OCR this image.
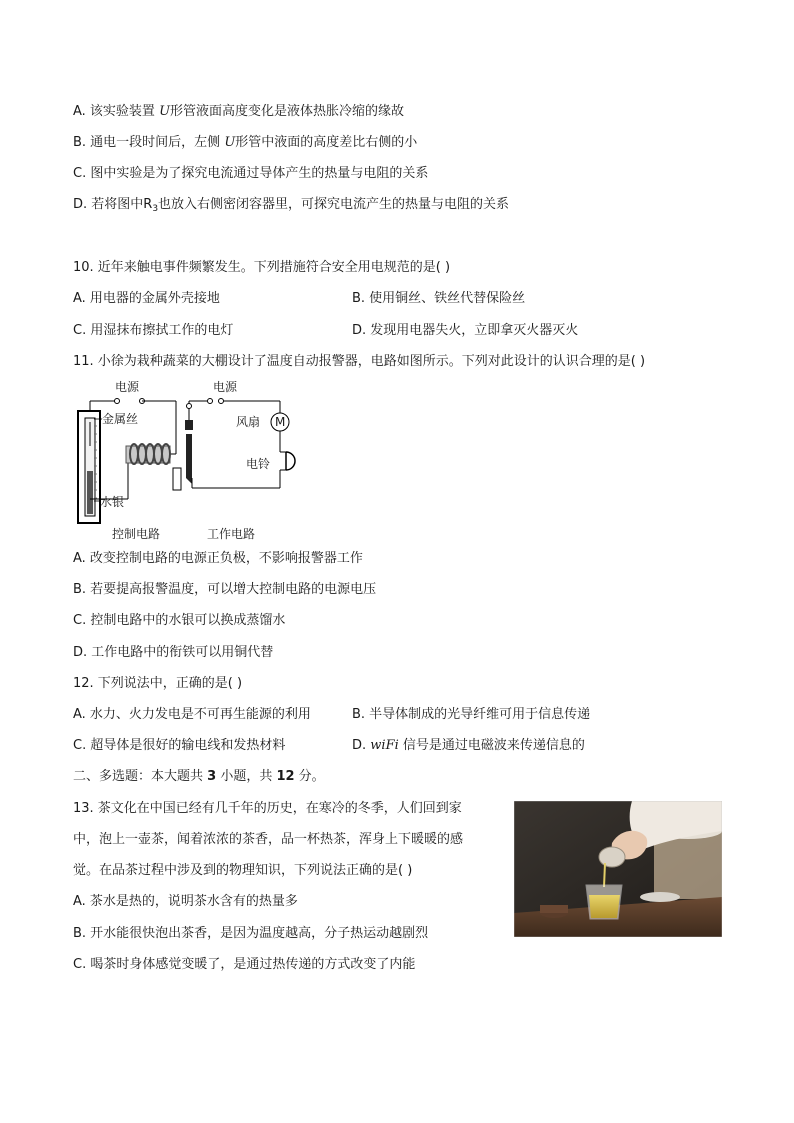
A. 该实验装置 U形管液面高度变化是液体热胀冷缩的缘故
B. 通电一段时间后，左侧 U形管中液面的高度差比右侧的小
C. 图中实验是为了探究电流通过导体产生的热量与电阻的关系
D. 若将图中$R_3$也放入右侧密闭容器里，可探究电流产生的热量与电阻的关系
10. 近年来触电事件频繁发生。下列措施符合安全用电规范的是( )
A. 用电器的金属外壳接地	B. 使用铜丝、铁丝代替保险丝
C. 用湿抹布擦拭工作的电灯	D. 发现用电器失火，立即拿灭火器灭火
11. 小徐为栽种蔬菜的大棚设计了温度自动报警器，电路如图所示。下列对此设计的认识合理的是( )
电源
金属丝
水银
电源
M
风扇
电铃
控制电路	工作电路
A. 改变控制电路的电源正负极，不影响报警器工作
B. 若要提高报警温度，可以增大控制电路的电源电压
C. 控制电路中的水银可以换成蒸馏水
D. 工作电路中的衔铁可以用铜代替
12. 下列说法中，正确的是( )
A. 水力、火力发电是不可再生能源的利用	B. 半导体制成的光导纤维可用于信息传递
C. 超导体是很好的输电线和发热材料	D. wiFi 信号是通过电磁波来传递信息的
二、多选题：本大题共 3 小题，共 12 分。
13. 茶文化在中国已经有几千年的历史，在寒冷的冬季，人们回到家
中，泡上一壶茶，闻着浓浓的茶香，品一杯热茶，浑身上下暖暖的感
觉。在品茶过程中涉及到的物理知识，下列说法正确的是( )
A. 茶水是热的，说明茶水含有的热量多
B. 开水能很快泡出茶香，是因为温度越高，分子热运动越剧烈
C. 喝茶时身体感觉变暖了，是通过热传递的方式改变了内能
